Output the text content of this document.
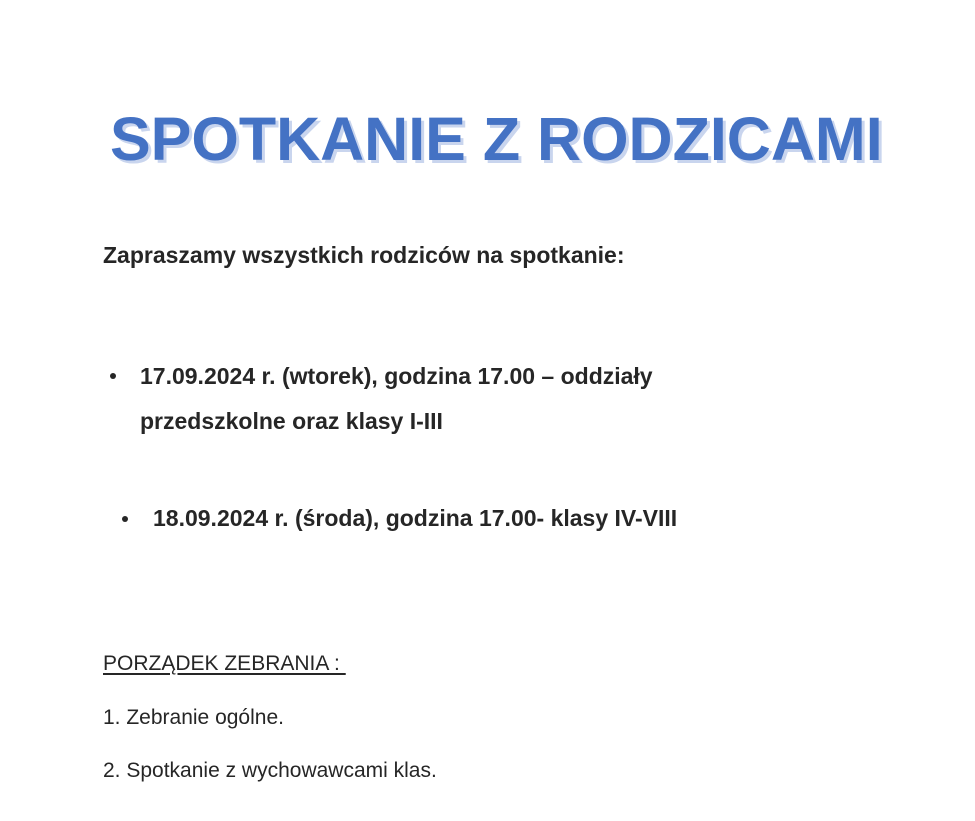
SPOTKANIE Z RODZICAMI

Zapraszamy wszystkich rodziców na spotkanie:

17.09.2024 r. (wtorek), godzina 17.00 – oddziały przedszkolne oraz klasy I-III
18.09.2024 r. (środa), godzina 17.00- klasy IV-VIII

PORZĄDEK ZEBRANIA :

1. Zebranie ogólne.

2. Spotkanie z wychowawcami klas.
